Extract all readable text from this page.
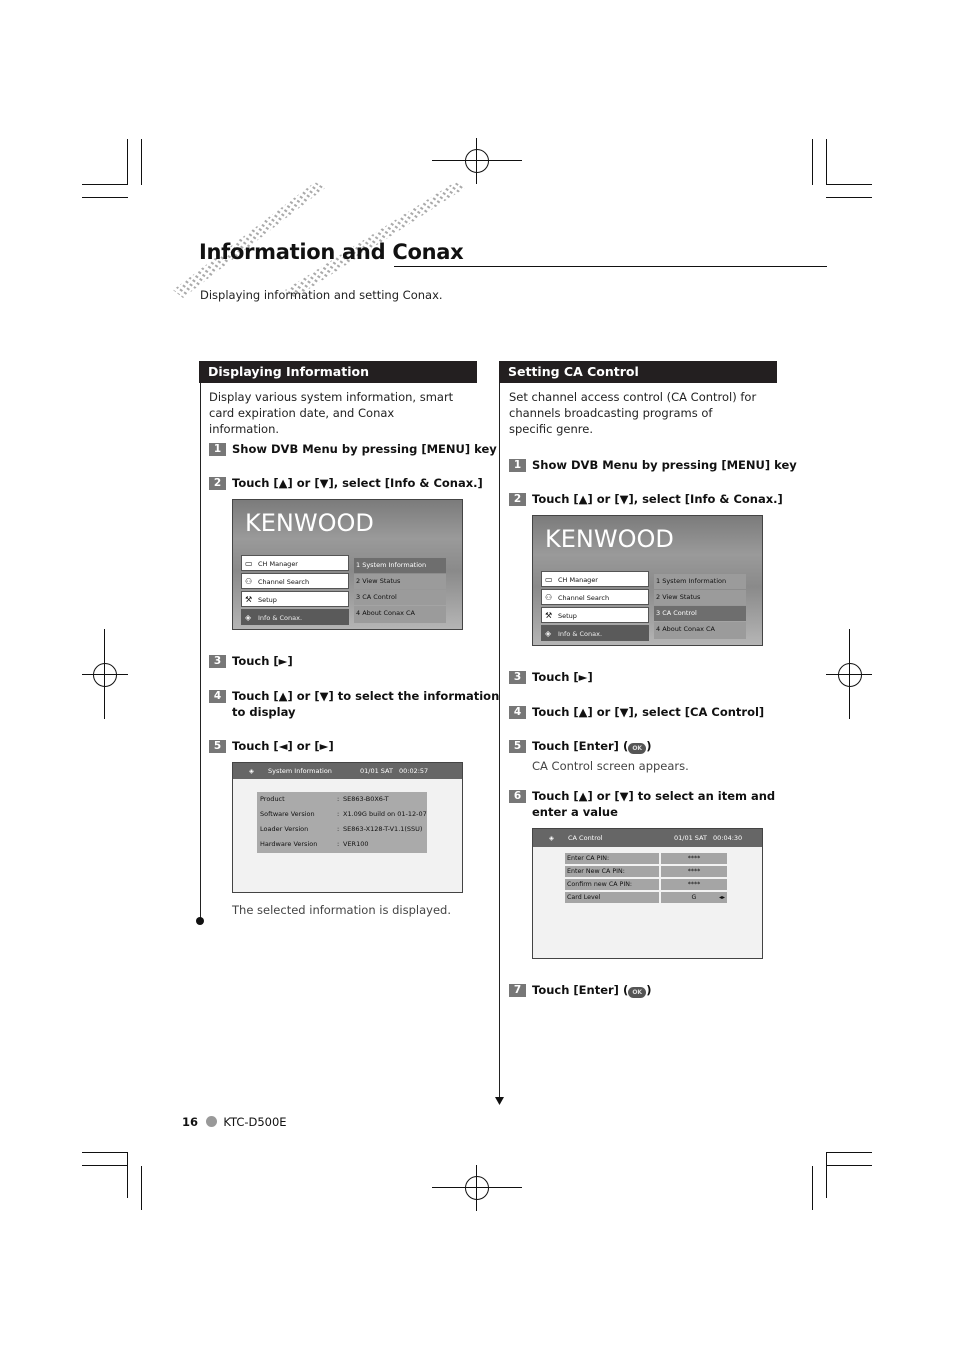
Information and Conax
Displaying information and setting Conax.
Displaying Information
Display various system information, smart card expiration date, and Conax information.
1 Show DVB Menu by pressing [MENU] key
2 Touch [▲] or [▼], select [Info & Conax.]
KENWOOD
▭ CH Manager
⚇ Channel Search
⚒ Setup
◈ Info & Conax.
1 System Information
2 View Status
3 CA Control
4 About Conax CA
3 Touch [►]
4 Touch [▲] or [▼] to select the information
to display
5 Touch [◄] or [►]
◈ System Information	01/01 SAT 00:02:57
Product	: SE863-B0X6-T
Software Version	: X1.09G build on 01-12-07
Loader Version	: SE863-X128-T-V1.1(SSU)
Hardware Version	: VER100
The selected information is displayed.
Setting CA Control
Set channel access control (CA Control) for channels broadcasting programs of specific genre.
1 Show DVB Menu by pressing [MENU] key
2 Touch [▲] or [▼], select [Info & Conax.]
KENWOOD
▭ CH Manager
⚇ Channel Search
⚒ Setup
◈ Info & Conax.
1 System Information
2 View Status
3 CA Control
4 About Conax CA
3 Touch [►]
4 Touch [▲] or [▼], select [CA Control]
5 Touch [Enter] ( OK )
CA Control screen appears.
6 Touch [▲] or [▼] to select an item and
enter a value
◈ CA Control	01/01 SAT 00:04:30
Enter CA PIN:	****
Enter New CA PIN:	****
Confirm new CA PIN:	****
Card Level	G	◂▸
7 Touch [Enter] ( OK )
16 KTC-D500E
